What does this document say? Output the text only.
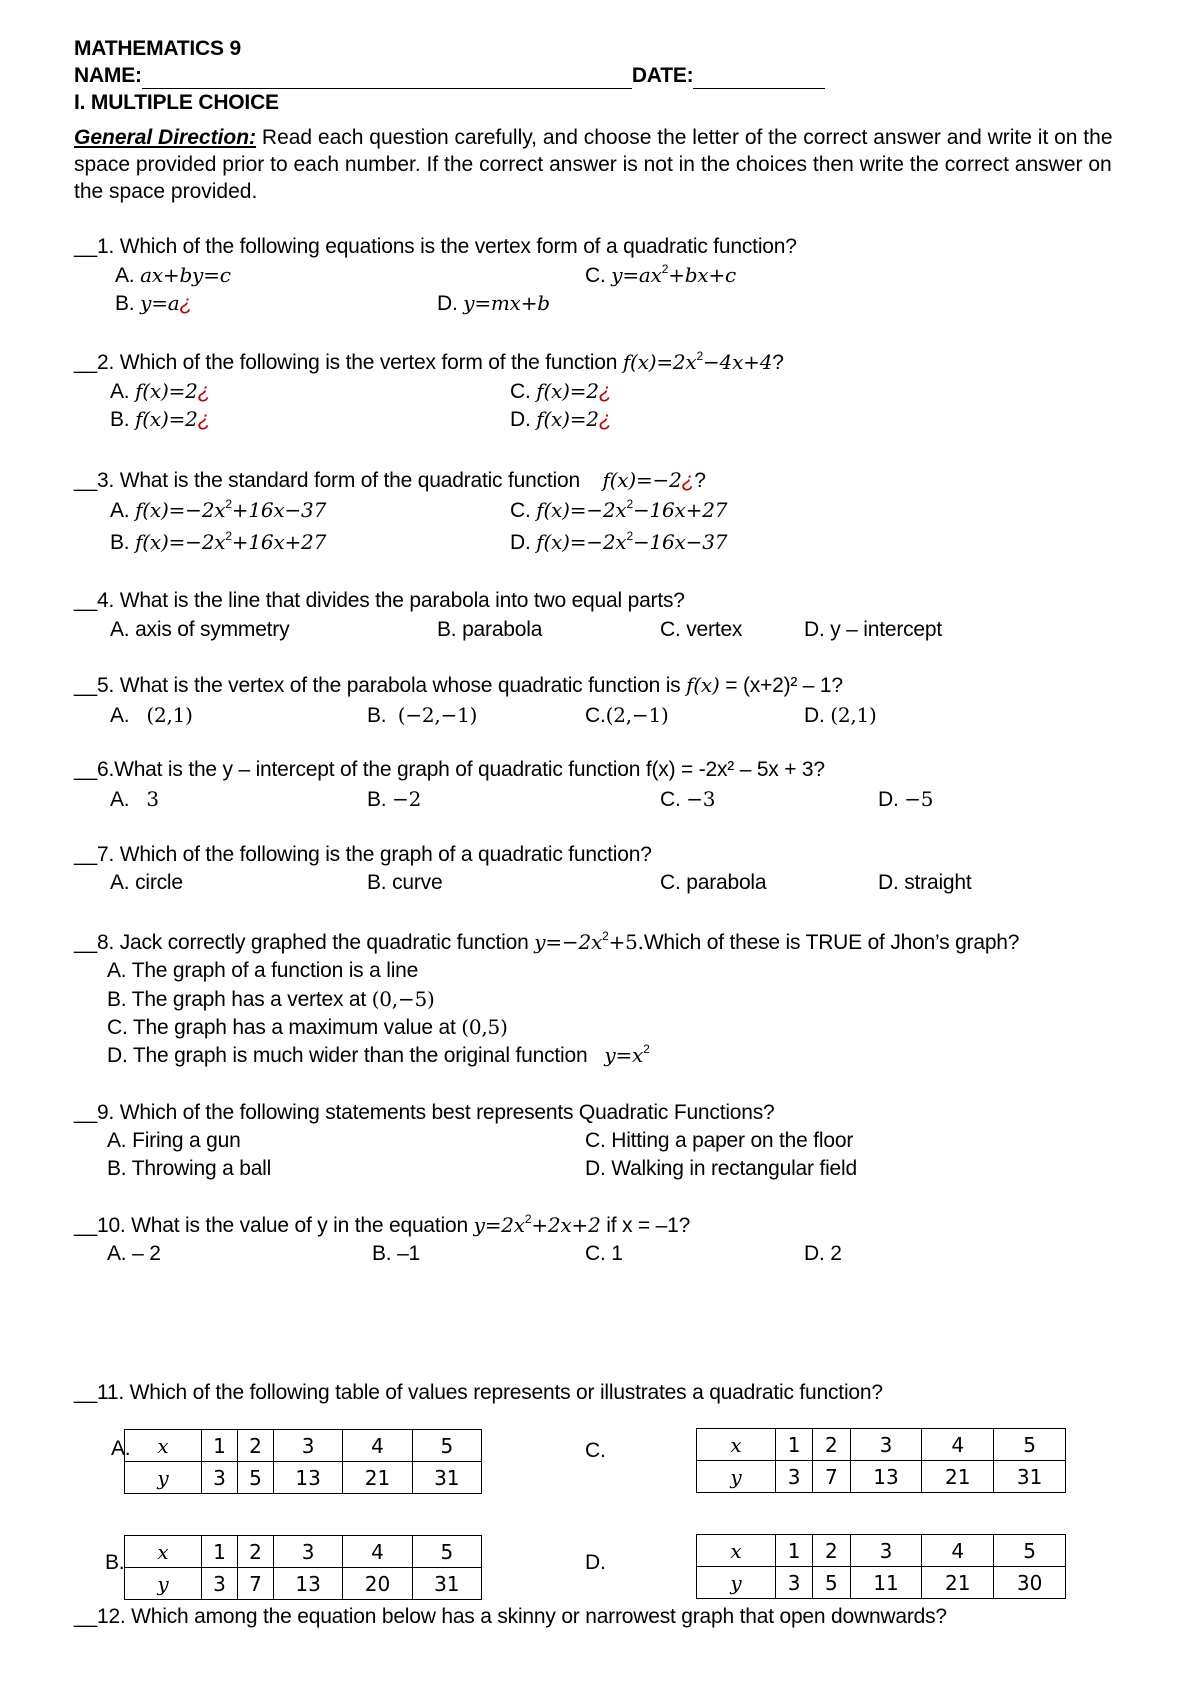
MATHEMATICS 9
NAME:	DATE:
I. MULTIPLE CHOICE
General Direction: Read each question carefully, and choose the letter of the correct answer and write it on the space provided prior to each number. If the correct answer is not in the choices then write the correct answer on the space provided.
__1. Which of the following equations is the vertex form of a quadratic function?
A. ax+by=c	C. $y=ax^2+bx+c$
B. y=a¿	D. y=mx+b
__2. Which of the following is the vertex form of the function $f(x)=2x^2-4x+4$?
A. f(x)=2¿	C. f(x)=2¿
B. f(x)=2¿	D. f(x)=2¿
__3. What is the standard form of the quadratic function f(x)=−2¿?
A. $f(x)=-2x^2+16x-37$	C. $f(x)=-2x^2-16x+27$
B. $f(x)=-2x^2+16x+27$	D. $f(x)=-2x^2-16x-37$
__4. What is the line that divides the parabola into two equal parts?
A. axis of symmetry	B. parabola	C. vertex	D. y – intercept
__5. What is the vertex of the parabola whose quadratic function is f(x) = (x+2)² – 1?
A. (2,1)	B. (−2,−1)	C.(2,−1)	D. (2,1)
__6.What is the y – intercept of the graph of quadratic function f(x) = -2x² – 5x + 3?
A. 3	B. −2	C. −3	D. −5
__7. Which of the following is the graph of a quadratic function?
A. circle	B. curve	C. parabola	D. straight
__8. Jack correctly graphed the quadratic function $y=-2x^2+5.Which$ of these is TRUE of Jhon’s graph?
A. The graph of a function is a line
B. The graph has a vertex at (0,−5)
C. The graph has a maximum value at (0,5)
D. The graph is much wider than the original function $y=x^2$
__9. Which of the following statements best represents Quadratic Functions?
A. Firing a gun	C. Hitting a paper on the floor
B. Throwing a ball	D. Walking in rectangular field
__10. What is the value of y in the equation $y=2x^2+2x+2$ if x = –1?
A. – 2	B. –1	C. 1	D. 2
__11. Which of the following table of values represents or illustrates a quadratic function?
A. x	1	2	3	4	5
y	3	5	13	21	31
C.	x	1	2	3	4	5
y	3	7	13	21	31
B. x	1	2	3	4	5
y	3	7	13	20	31
D.	x	1	2	3	4	5
y	3	5	11	21	30
__12. Which among the equation below has a skinny or narrowest graph that open downwards?
